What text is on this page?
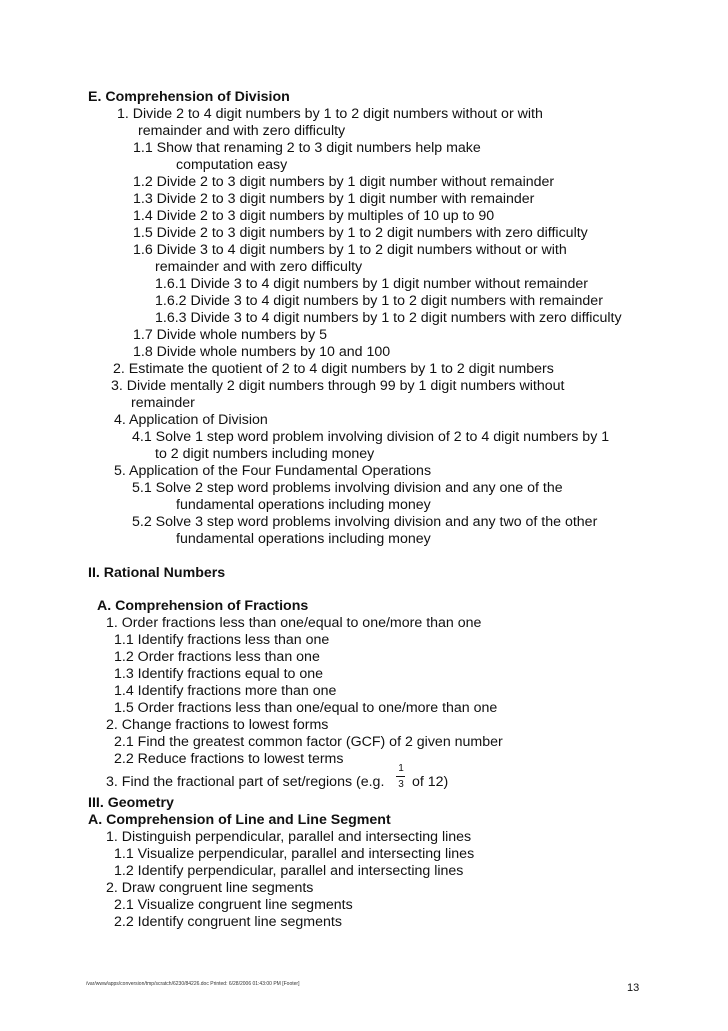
E. Comprehension of Division
1. Divide 2 to 4 digit numbers by 1 to 2 digit numbers without or with
remainder and with zero difficulty
1.1 Show that renaming 2 to 3 digit numbers help make
computation easy
1.2 Divide 2 to 3 digit numbers by 1 digit number without remainder
1.3 Divide 2 to 3 digit numbers by 1 digit number with remainder
1.4 Divide 2 to 3 digit numbers by multiples of 10 up to 90
1.5 Divide 2 to 3 digit numbers by 1 to 2 digit numbers with zero difficulty
1.6 Divide 3 to 4 digit numbers by 1 to 2 digit numbers without or with
remainder and with zero difficulty
1.6.1 Divide 3 to 4 digit numbers by 1 digit number without remainder
1.6.2 Divide 3 to 4 digit numbers by 1 to 2 digit numbers with remainder
1.6.3 Divide 3 to 4 digit numbers by 1 to 2 digit numbers with zero difficulty
1.7 Divide whole numbers by 5
1.8 Divide whole numbers by 10 and 100
2. Estimate the quotient of 2 to 4 digit numbers by 1 to 2 digit numbers
3. Divide mentally 2 digit numbers through 99 by 1 digit numbers without
remainder
4. Application of Division
4.1 Solve 1 step word problem involving division of 2 to 4 digit numbers by 1
to 2 digit numbers including money
5. Application of the Four Fundamental Operations
5.1 Solve 2 step word problems involving division and any one of the
fundamental operations including money
5.2 Solve 3 step word problems involving division and any two of the other
fundamental operations including money
II. Rational Numbers
A. Comprehension of Fractions
1. Order fractions less than one/equal to one/more than one
1.1 Identify fractions less than one
1.2 Order fractions less than one
1.3 Identify fractions equal to one
1.4 Identify fractions more than one
1.5 Order fractions less than one/equal to one/more than one
2. Change fractions to lowest forms
2.1 Find the greatest common factor (GCF) of 2 given number
2.2 Reduce fractions to lowest terms
3. Find the fractional part of set/regions (e.g.
1
3 of 12)
III. Geometry
A. Comprehension of Line and Line Segment
1. Distinguish perpendicular, parallel and intersecting lines
1.1 Visualize perpendicular, parallel and intersecting lines
1.2 Identify perpendicular, parallel and intersecting lines
2. Draw congruent line segments
2.1 Visualize congruent line segments
2.2 Identify congruent line segments
/var/www/apps/conversion/tmp/scratch/6230/84226.doc Printed: 6/28/2006 01:43:00 PM [Footer]	13
